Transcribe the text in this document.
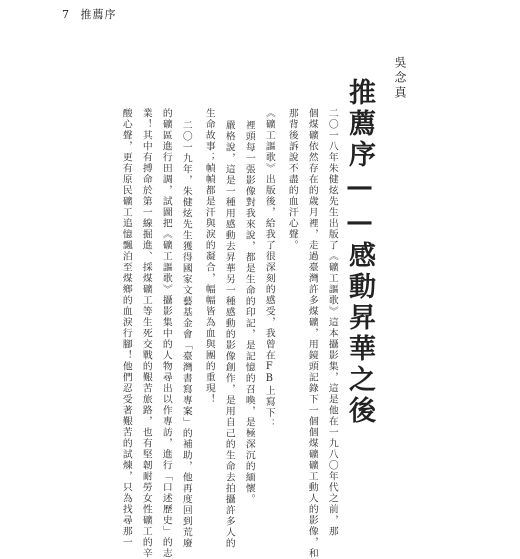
7 推薦序
吳念真
推薦序——感動昇華之後
二〇一八年朱健炫先生出版了《礦工謳歌》這本攝影集，這是他在一九八〇年代之前，那
個煤礦依然存在的歲月裡，走過臺灣許多煤礦，用鏡頭記錄下一個個煤礦礦工動人的影像，和
那背後訴說不盡的血汗心聲。
《礦工謳歌》出版後，給我了很深刻的感受，我曾在FB上寫下：
裡頭每一張影像對我來說，都是生命的印記，是記憶的召喚，是極深沉的緬懷。
嚴格說，這是一種用感動去昇華另一種感動的影像創作，是用自己的生命去拍攝許多人的
生命故事；幀幀都是汗與淚的凝合，幅幅皆為血與團的重現！
二〇一九年，朱健炫先生獲得國家文藝基金會「臺灣書寫專案」的補助，他再度回到荒廢
的礦區進行田調，試圖把《礦工謳歌》攝影集中的人物尋出以作專訪，進行「口述歷史」的志
業！其中有搏命於第一線掘進、採煤礦工等生死交戰的艱苦旅路，也有堅韌耐勞女性礦工的辛
酸心聲，更有原民礦工追憶飄泊至煤鄉的血淚行腳！他們忍受著艱苦的試煉，只為找尋那一
